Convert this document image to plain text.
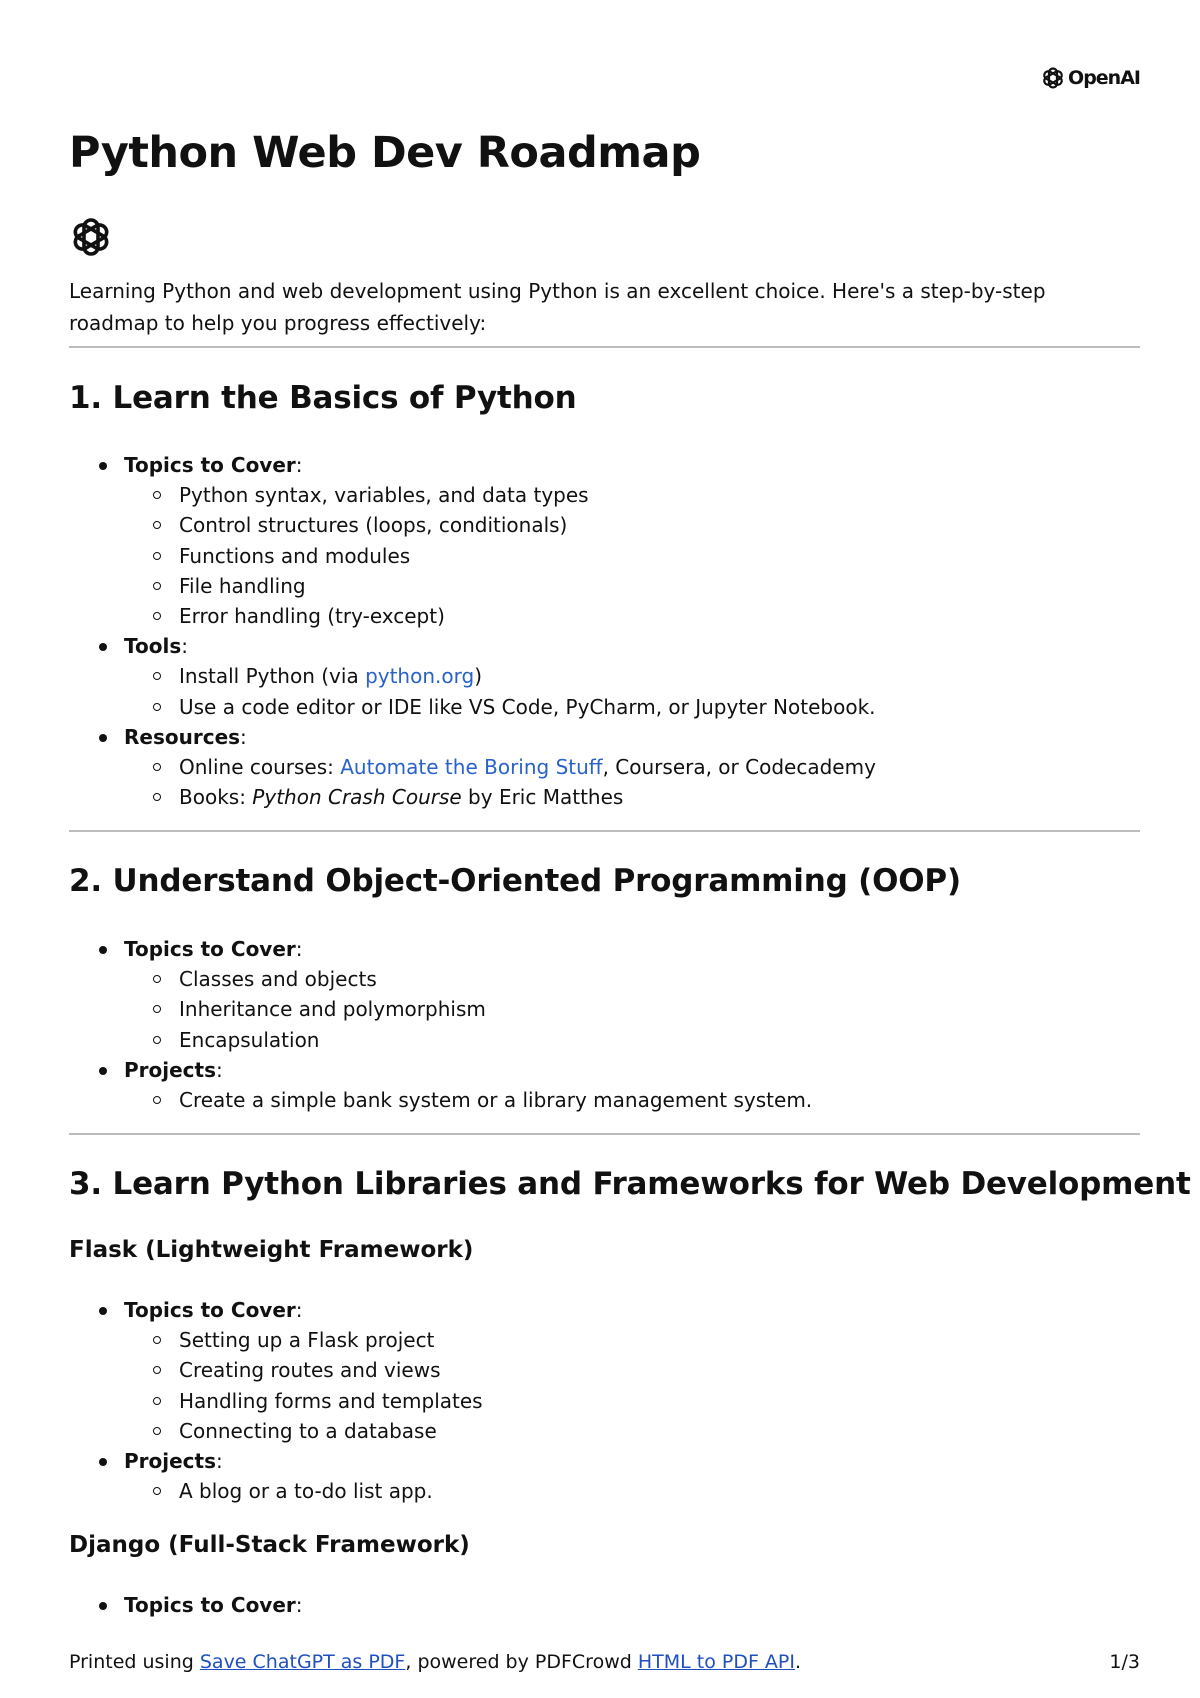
OpenAI
Python Web Dev Roadmap

Learning Python and web development using Python is an excellent choice. Here's a step-by-step roadmap to help you progress effectively:

1. Learn the Basics of Python
Topics to Cover:
Python syntax, variables, and data types
Control structures (loops, conditionals)
Functions and modules
File handling
Error handling (try-except)
Tools:
Install Python (via python.org)
Use a code editor or IDE like VS Code, PyCharm, or Jupyter Notebook.
Resources:
Online courses: Automate the Boring Stuff, Coursera, or Codecademy
Books: Python Crash Course by Eric Matthes
2. Understand Object-Oriented Programming (OOP)
Topics to Cover:
Classes and objects
Inheritance and polymorphism
Encapsulation
Projects:
Create a simple bank system or a library management system.
3. Learn Python Libraries and Frameworks for Web Development
Flask (Lightweight Framework)
Topics to Cover:
Setting up a Flask project
Creating routes and views
Handling forms and templates
Connecting to a database
Projects:
A blog or a to-do list app.
Django (Full-Stack Framework)
Topics to Cover:
Printed using Save ChatGPT as PDF, powered by PDFCrowd HTML to PDF API.	1/3
